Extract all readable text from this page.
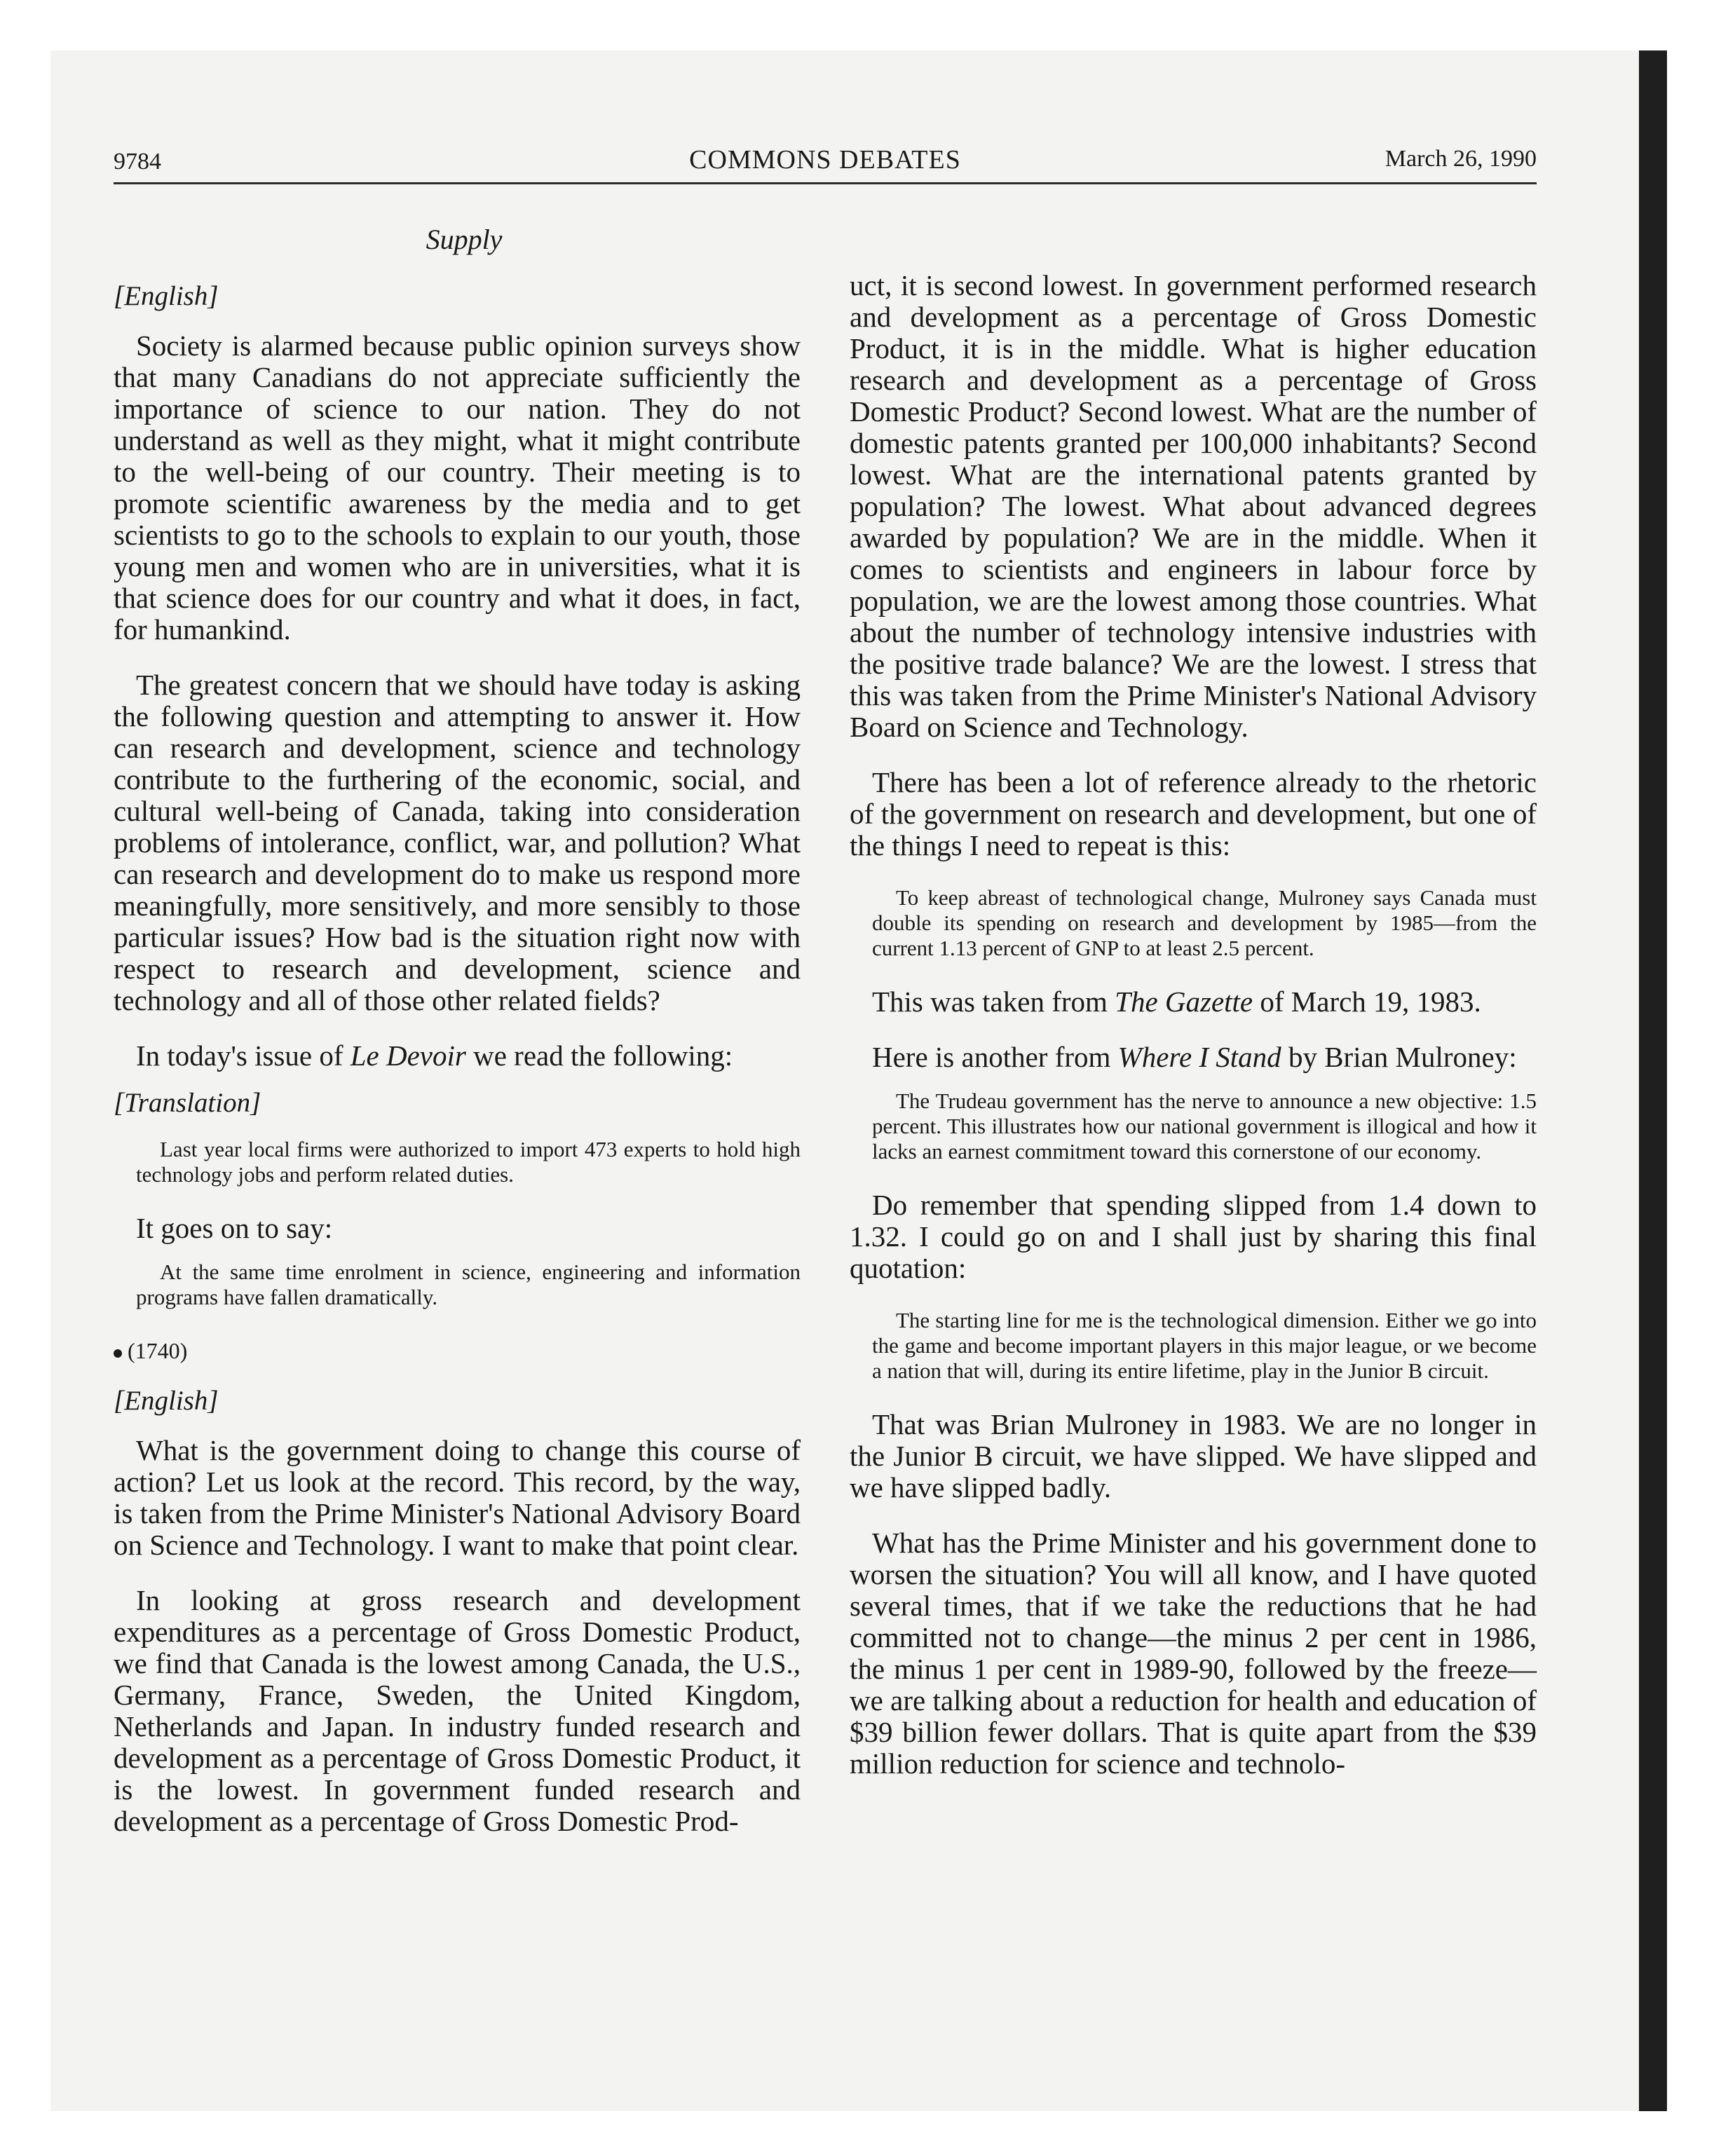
9784	COMMONS DEBATES	March 26, 1990
Supply
[English]

Society is alarmed because public opinion surveys show that many Canadians do not appreciate sufficiently the importance of science to our nation. They do not understand as well as they might, what it might contribute to the well-being of our country. Their meeting is to promote scientific awareness by the media and to get scientists to go to the schools to explain to our youth, those young men and women who are in universities, what it is that science does for our country and what it does, in fact, for humankind.

The greatest concern that we should have today is asking the following question and attempting to answer it. How can research and development, science and technology contribute to the furthering of the economic, social, and cultural well-being of Canada, taking into consideration problems of intolerance, conflict, war, and pollution? What can research and development do to make us respond more meaningfully, more sensitively, and more sensibly to those particular issues? How bad is the situation right now with respect to research and development, science and technology and all of those other related fields?

In today's issue of Le Devoir we read the following:

[Translation]

Last year local firms were authorized to import 473 experts to hold high technology jobs and perform related duties.

It goes on to say:

At the same time enrolment in science, engineering and information programs have fallen dramatically.

(1740)
[English]

What is the government doing to change this course of action? Let us look at the record. This record, by the way, is taken from the Prime Minister's National Advisory Board on Science and Technology. I want to make that point clear.

In looking at gross research and development expenditures as a percentage of Gross Domestic Product, we find that Canada is the lowest among Canada, the U.S., Germany, France, Sweden, the United Kingdom, Netherlands and Japan. In industry funded research and development as a percentage of Gross Domestic Product, it is the lowest. In government funded research and development as a percentage of Gross Domestic Prod-

uct, it is second lowest. In government performed research and development as a percentage of Gross Domestic Product, it is in the middle. What is higher education research and development as a percentage of Gross Domestic Product? Second lowest. What are the number of domestic patents granted per 100,000 inhabitants? Second lowest. What are the international patents granted by population? The lowest. What about advanced degrees awarded by population? We are in the middle. When it comes to scientists and engineers in labour force by population, we are the lowest among those countries. What about the number of technology intensive industries with the positive trade balance? We are the lowest. I stress that this was taken from the Prime Minister's National Advisory Board on Science and Technology.

There has been a lot of reference already to the rhetoric of the government on research and development, but one of the things I need to repeat is this:

To keep abreast of technological change, Mulroney says Canada must double its spending on research and development by 1985—from the current 1.13 percent of GNP to at least 2.5 percent.

This was taken from The Gazette of March 19, 1983.

Here is another from Where I Stand by Brian Mulroney:

The Trudeau government has the nerve to announce a new objective: 1.5 percent. This illustrates how our national government is illogical and how it lacks an earnest commitment toward this cornerstone of our economy.

Do remember that spending slipped from 1.4 down to 1.32. I could go on and I shall just by sharing this final quotation:

The starting line for me is the technological dimension. Either we go into the game and become important players in this major league, or we become a nation that will, during its entire lifetime, play in the Junior B circuit.

That was Brian Mulroney in 1983. We are no longer in the Junior B circuit, we have slipped. We have slipped and we have slipped badly.

What has the Prime Minister and his government done to worsen the situation? You will all know, and I have quoted several times, that if we take the reductions that he had committed not to change—the minus 2 per cent in 1986, the minus 1 per cent in 1989-90, followed by the freeze—we are talking about a reduction for health and education of $39 billion fewer dollars. That is quite apart from the $39 million reduction for science and technolo-
